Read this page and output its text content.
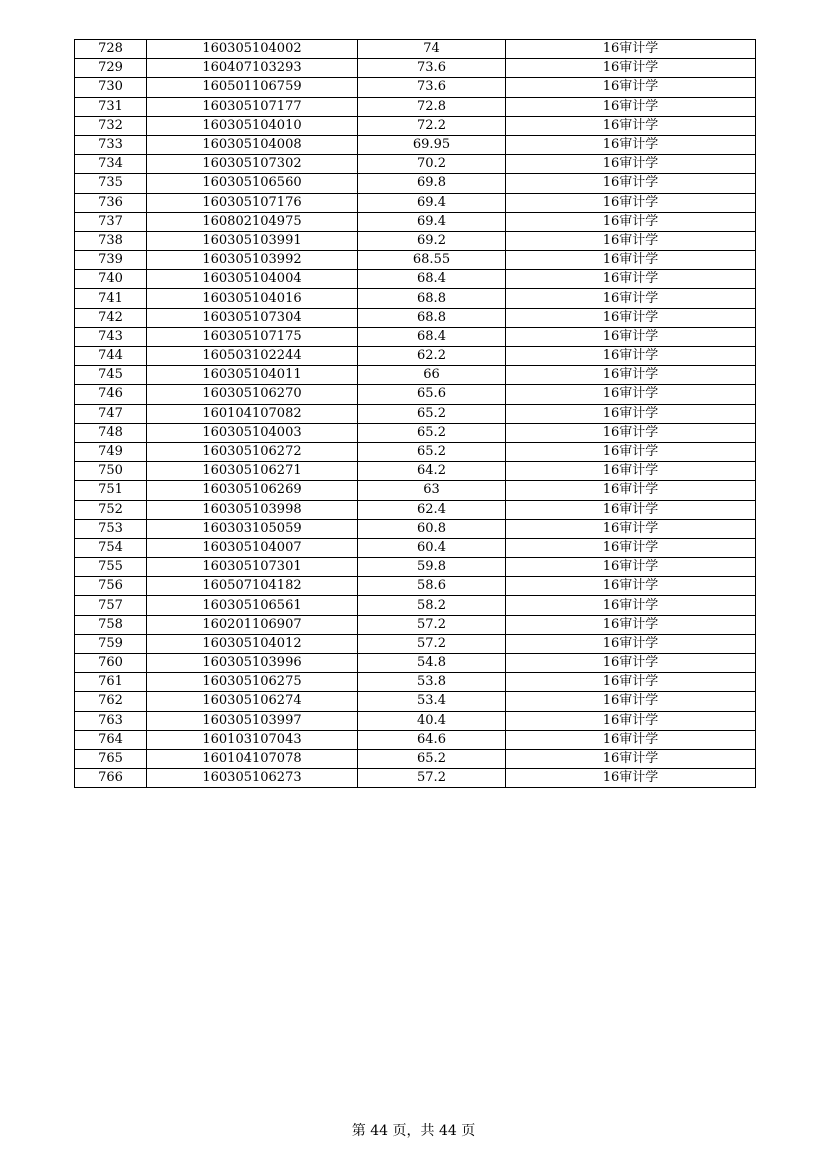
728	160305104002	74	16审计学
729	160407103293	73.6	16审计学
730	160501106759	73.6	16审计学
731	160305107177	72.8	16审计学
732	160305104010	72.2	16审计学
733	160305104008	69.95	16审计学
734	160305107302	70.2	16审计学
735	160305106560	69.8	16审计学
736	160305107176	69.4	16审计学
737	160802104975	69.4	16审计学
738	160305103991	69.2	16审计学
739	160305103992	68.55	16审计学
740	160305104004	68.4	16审计学
741	160305104016	68.8	16审计学
742	160305107304	68.8	16审计学
743	160305107175	68.4	16审计学
744	160503102244	62.2	16审计学
745	160305104011	66	16审计学
746	160305106270	65.6	16审计学
747	160104107082	65.2	16审计学
748	160305104003	65.2	16审计学
749	160305106272	65.2	16审计学
750	160305106271	64.2	16审计学
751	160305106269	63	16审计学
752	160305103998	62.4	16审计学
753	160303105059	60.8	16审计学
754	160305104007	60.4	16审计学
755	160305107301	59.8	16审计学
756	160507104182	58.6	16审计学
757	160305106561	58.2	16审计学
758	160201106907	57.2	16审计学
759	160305104012	57.2	16审计学
760	160305103996	54.8	16审计学
761	160305106275	53.8	16审计学
762	160305106274	53.4	16审计学
763	160305103997	40.4	16审计学
764	160103107043	64.6	16审计学
765	160104107078	65.2	16审计学
766	160305106273	57.2	16审计学
第 44 页，共 44 页
